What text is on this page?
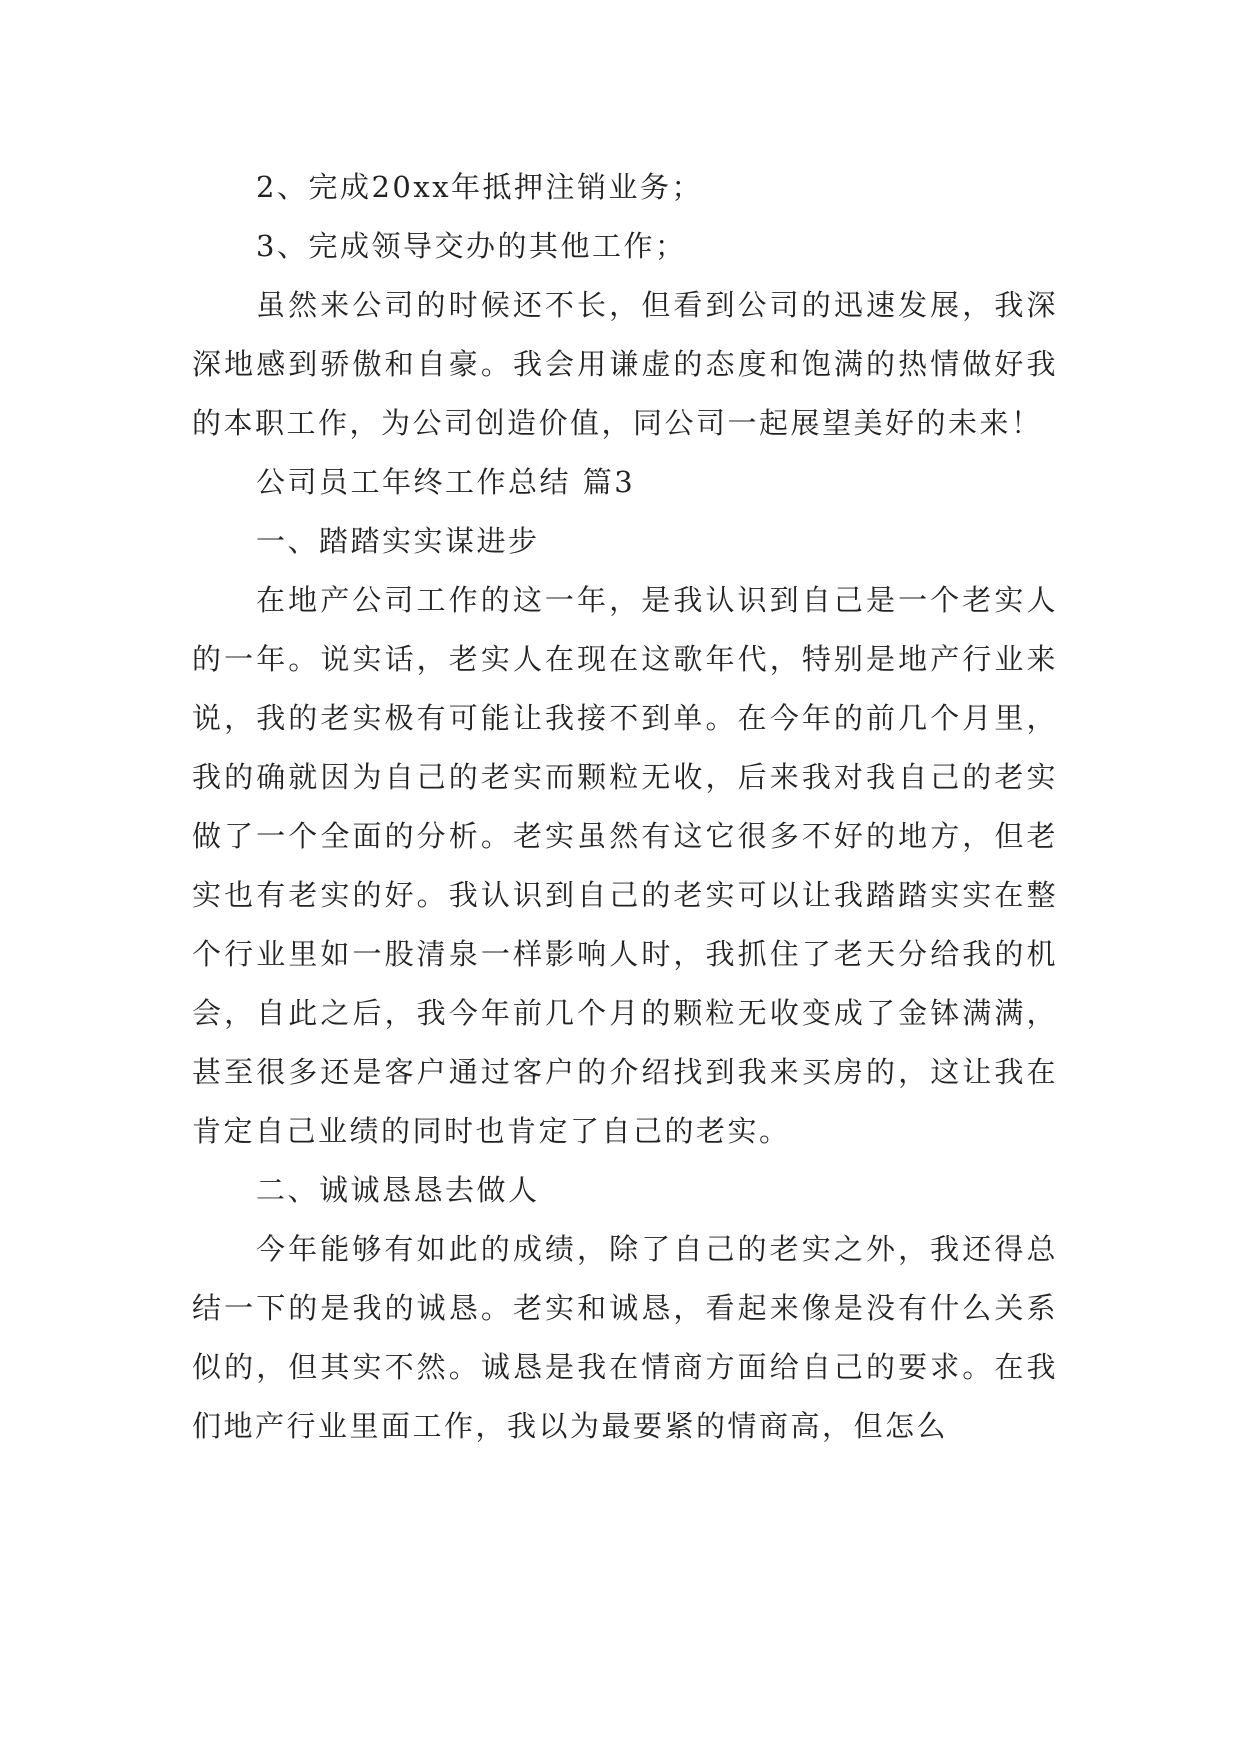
2、完成20xx年抵押注销业务；

3、完成领导交办的其他工作；

虽然来公司的时候还不长，但看到公司的迅速发展，我深深地感到骄傲和自豪。我会用谦虚的态度和饱满的热情做好我的本职工作，为公司创造价值，同公司一起展望美好的未来！

公司员工年终工作总结 篇3

一、踏踏实实谋进步

在地产公司工作的这一年，是我认识到自己是一个老实人的一年。说实话，老实人在现在这歌年代，特别是地产行业来说，我的老实极有可能让我接不到单。在今年的前几个月里，我的确就因为自己的老实而颗粒无收，后来我对我自己的老实做了一个全面的分析。老实虽然有这它很多不好的地方，但老实也有老实的好。我认识到自己的老实可以让我踏踏实实在整个行业里如一股清泉一样影响人时，我抓住了老天分给我的机会，自此之后，我今年前几个月的颗粒无收变成了金钵满满，甚至很多还是客户通过客户的介绍找到我来买房的，这让我在肯定自己业绩的同时也肯定了自己的老实。

二、诚诚恳恳去做人

今年能够有如此的成绩，除了自己的老实之外，我还得总结一下的是我的诚恳。老实和诚恳，看起来像是没有什么关系似的，但其实不然。诚恳是我在情商方面给自己的要求。在我们地产行业里面工作，我以为最要紧的情商高，但怎么
